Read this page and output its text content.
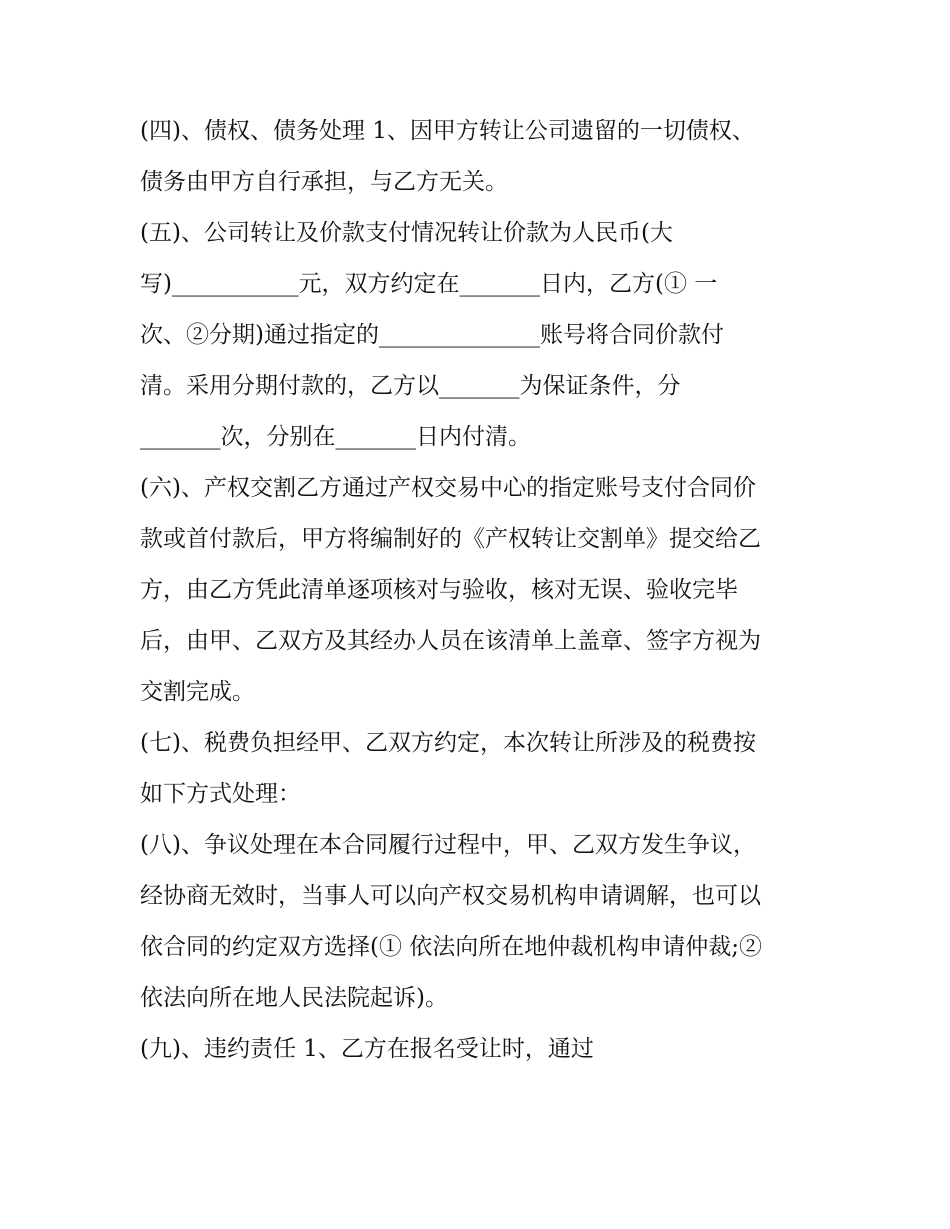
(四)、债权、债务处理 1、因甲方转让公司遗留的一切债权、
债务由甲方自行承担，与乙方无关。
(五)、公司转让及价款支付情况转让价款为人民币(大
写)___________元，双方约定在_______日内，乙方(① 一
次、②分期)通过指定的______________账号将合同价款付
清。采用分期付款的，乙方以_______为保证条件，分
_______次，分别在_______日内付清。
(六)、产权交割乙方通过产权交易中心的指定账号支付合同价
款或首付款后，甲方将编制好的《产权转让交割单》提交给乙
方，由乙方凭此清单逐项核对与验收，核对无误、验收完毕
后，由甲、乙双方及其经办人员在该清单上盖章、签字方视为
交割完成。
(七)、税费负担经甲、乙双方约定，本次转让所涉及的税费按
如下方式处理：
(八)、争议处理在本合同履行过程中，甲、乙双方发生争议，
经协商无效时，当事人可以向产权交易机构申请调解，也可以
依合同的约定双方选择(① 依法向所在地仲裁机构申请仲裁;②
依法向所在地人民法院起诉)。
(九)、违约责任 1、乙方在报名受让时，通过
